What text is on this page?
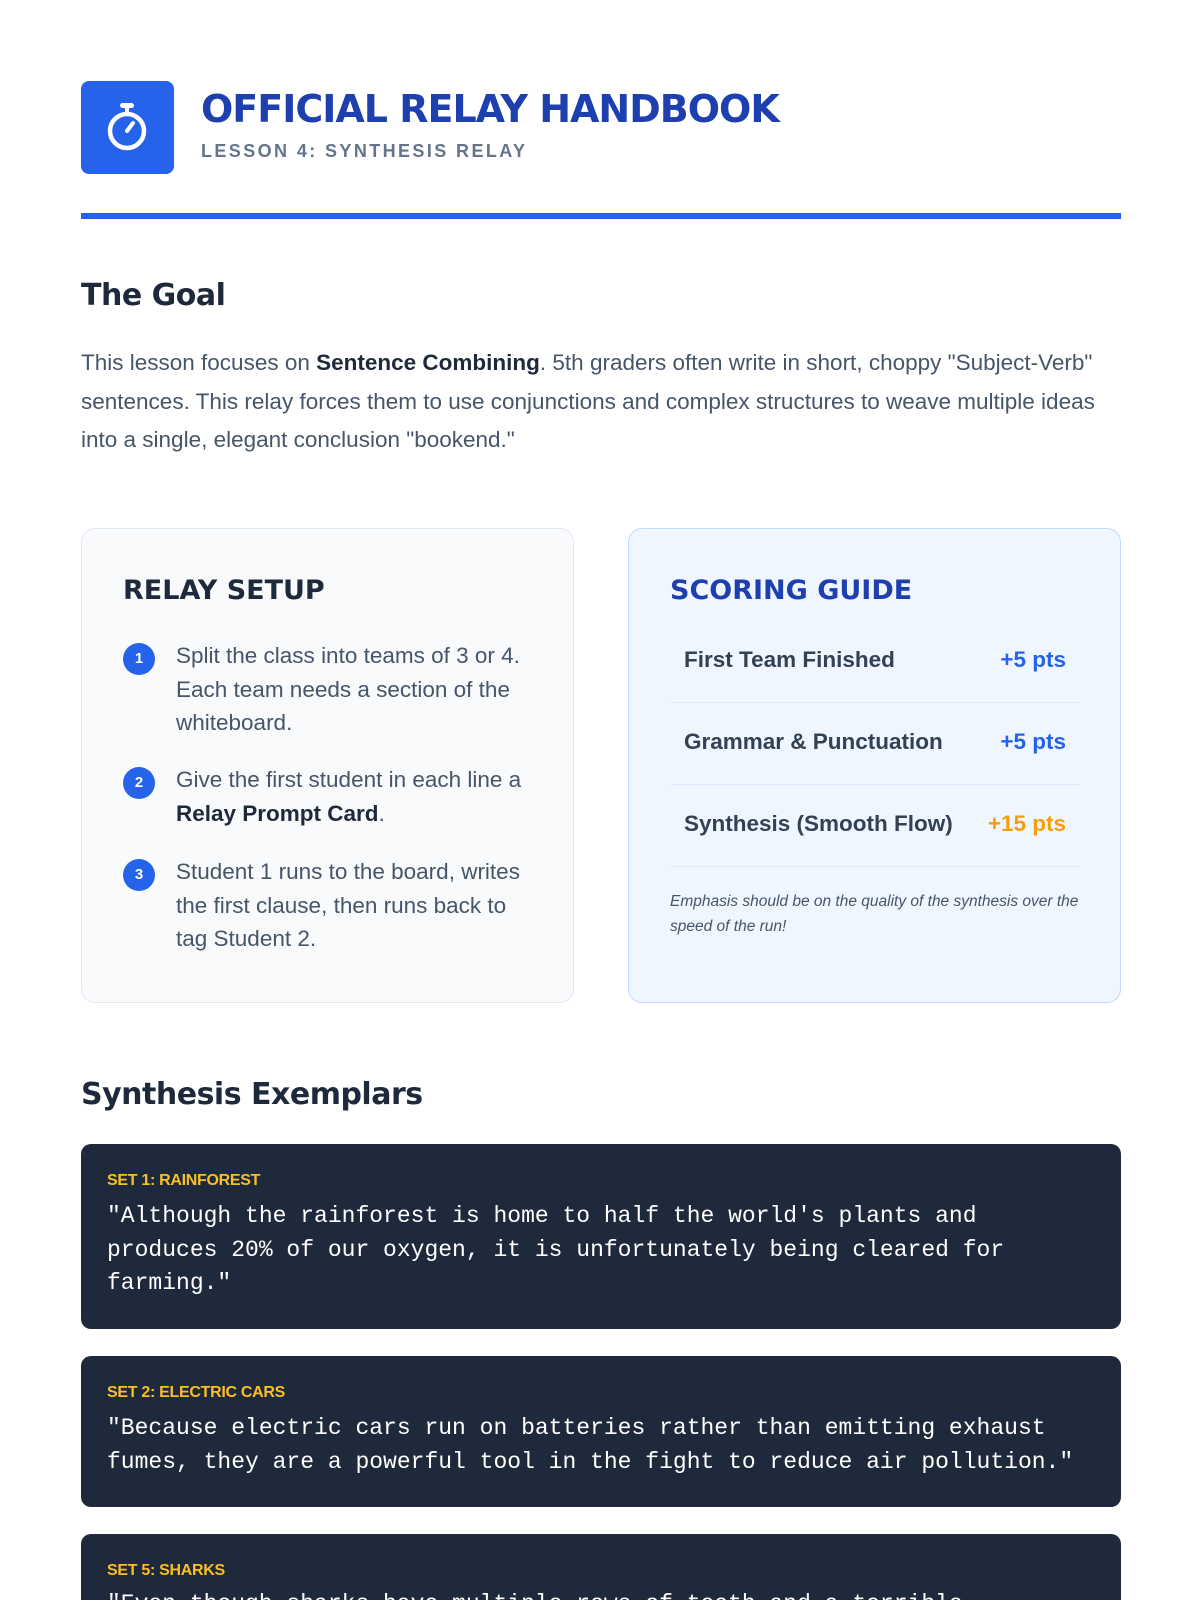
OFFICIAL RELAY HANDBOOK
LESSON 4: SYNTHESIS RELAY
The Goal

This lesson focuses on Sentence Combining. 5th graders often write in short, choppy "Subject-Verb" sentences. This relay forces them to use conjunctions and complex structures to weave multiple ideas into a single, elegant conclusion "bookend."

RELAY SETUP
1	Split the class into teams of 3 or 4. Each team needs a section of the whiteboard.
2	Give the first student in each line a Relay Prompt Card.
3	Student 1 runs to the board, writes the first clause, then runs back to tag Student 2.
SCORING GUIDE
First Team Finished	+5 pts
Grammar & Punctuation	+5 pts
Synthesis (Smooth Flow) +15 pts
Emphasis should be on the quality of the synthesis over the speed of the run!
Synthesis Exemplars
SET 1: RAINFOREST
"Although the rainforest is home to half the world's plants and produces 20% of our oxygen, it is unfortunately being cleared for farming."
SET 2: ELECTRIC CARS
"Because electric cars run on batteries rather than emitting exhaust fumes, they are a powerful tool in the fight to reduce air pollution."
SET 5: SHARKS
"Even though sharks have multiple rows of teeth and a terrible
